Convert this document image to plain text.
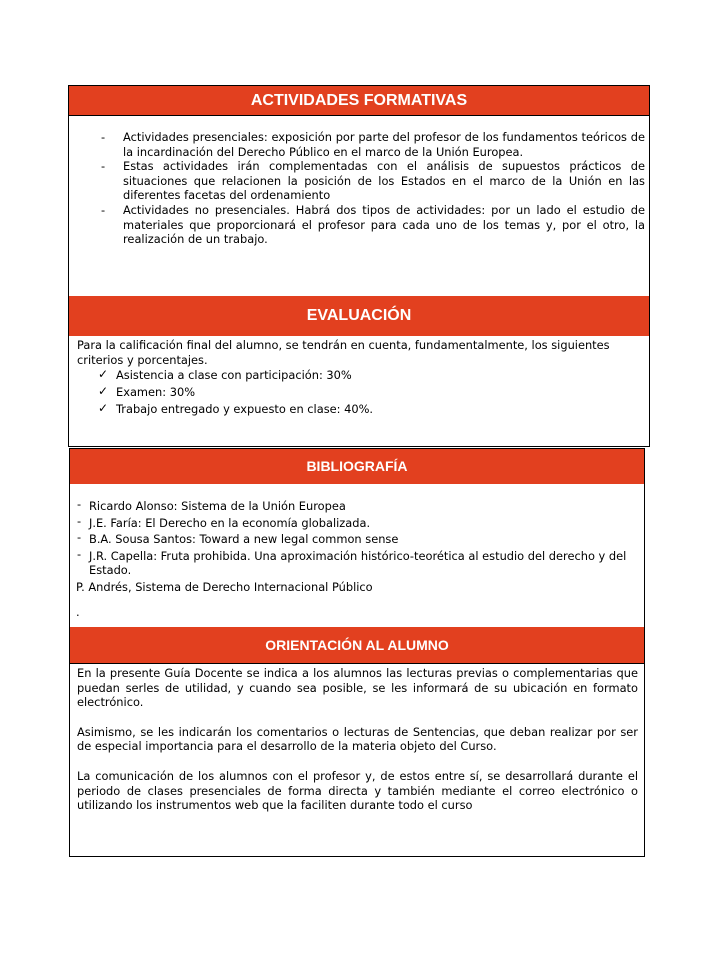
ACTIVIDADES FORMATIVAS
- Actividades presenciales: exposición por parte del profesor de los fundamentos teóricos de la incardinación del Derecho Público en el marco de la Unión Europea.
- Estas actividades irán complementadas con el análisis de supuestos prácticos de situaciones que relacionen la posición de los Estados en el marco de la Unión en las diferentes facetas del ordenamiento
- Actividades no presenciales. Habrá dos tipos de actividades: por un lado el estudio de materiales que proporcionará el profesor para cada uno de los temas y, por el otro, la realización de un trabajo.
EVALUACIÓN

Para la calificación final del alumno, se tendrán en cuenta, fundamentalmente, los siguientes criterios y porcentajes.

✓ Asistencia a clase con participación: 30%
✓ Examen: 30%
✓ Trabajo entregado y expuesto en clase: 40%.
BIBLIOGRAFÍA
- Ricardo Alonso: Sistema de la Unión Europea
- J.E. Faría: El Derecho en la economía globalizada.
- B.A. Sousa Santos: Toward a new legal common sense
- J.R. Capella: Fruta prohibida. Una aproximación histórico-teorética al estudio del derecho y del Estado.

P. Andrés, Sistema de Derecho Internacional Público

.

ORIENTACIÓN AL ALUMNO

En la presente Guía Docente se indica a los alumnos las lecturas previas o complementarias que puedan serles de utilidad, y cuando sea posible, se les informará de su ubicación en formato electrónico.

Asimismo, se les indicarán los comentarios o lecturas de Sentencias, que deban realizar por ser de especial importancia para el desarrollo de la materia objeto del Curso.

La comunicación de los alumnos con el profesor y, de estos entre sí, se desarrollará durante el periodo de clases presenciales de forma directa y también mediante el correo electrónico o utilizando los instrumentos web que la faciliten durante todo el curso
